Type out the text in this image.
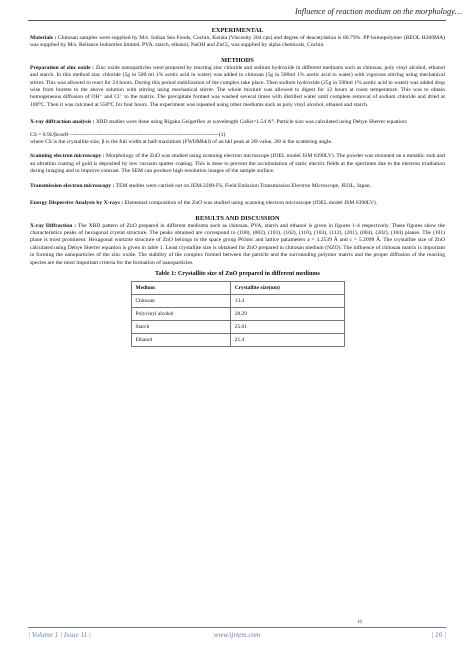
Influence of reaction medium on the morphology…
EXPERIMENTAL

Materials : Chitosan samples were supplied by M/s. Indian Sea Foods, Cochin, Kerala (Viscosity 304 cps) and degree of deacetylation is 80.79%. PP homopolymer (REOL H200MA) was supplied by M/s. Reliance Industries limited. PVA, starch, ethanol, NaOH and ZnCl₂ was supplied by alpha chemicals, Cochin.

METHODS

Preparation of zinc oxide : Zinc oxide nanoparticles were prepared by reacting zinc chloride and sodium hydroxide in different mediums such as chitosan, poly vinyl alcohol, ethanol and starch. In this method zinc chloride (5g in 500 ml 1% acetic acid in water) was added to chitosan (5g in 500ml 1% acetic acid in water) with vigorous stirring using mechanical stirrer. This was allowed to react for 24 hours. During this period stabilization of the complex take place. Then sodium hydroxide (25g in 500ml 1% acetic acid in water) was added drop wise from burette to the above solution with stirring using mechanical stirrer. The whole mixture was allowed to digest for 12 hours at room temperature. This was to obtain homogeneous diffusion of OH⁻ and Cl⁻ to the matrix. The precipitate formed was washed several times with distilled water until complete removal of sodium chloride and dried at 100⁰C. Then it was calcined at 550⁰C for four hours. The experiment was repeated using other mediums such as poly vinyl alcohol, ethanol and starch.

X-ray diffraction analysis : XRD studies were done using Rigaku Geigerflex at wavelength CuKα=1.54 A⁰. Particle size was calculated using Debye Sherrer equation:

CS = 0.9λ/βcosΘ --------------------------------------------------------------------------------(1)

where CS is the crystallite size, β is the full width at half-maximum (FWHMhkl) of an hkl peak at 2Θ value, 2Θ is the scattering angle.

Scanning electron microscopy : Morphology of the ZnO was studied using scanning electron microscope (JOEL model JSM 6390LV). The powder was mounted on a metallic stub and an ultrathin coating of gold is deposited by low vacuum sputter coating. This is done to prevent the accumulation of static electric fields at the specimen due to the electron irradiation during imaging and to improve contrast. The SEM can produce high resolution images of the sample surface.

Transmission electron microscopy : TEM studies were carried out on JEM-2200-FS, Field Emission Transmission Electron Microscope, JEOL, Japan.

Energy Dispersive Analysis by X-rays : Elemental composition of the ZnO was studied using scanning electron microscope (JOEL model JSM 6390LV).

RESULTS AND DISCUSSION

X-ray Diffraction : The XRD pattern of ZnO prepared in different mediums such as chitosan, PVA, starch and ethanol is given in figures 1-4 respectively. These figures show the characteristics peaks of hexagonal crystal structure. The peaks obtained are correspond to (100), (002), (101), (102), (110), (103), (112), (201), (004), (202), (104) planes. The (101) plane is most prominent. Hexagonal wurtzite structure of ZnO belongs to the space group P63mc and lattice parameters a = 3.2539 Å and c = 5.2098 Å. The crystallite size of ZnO calculated using Debye Sherrer equation is given in table 1. Least crystallite size is obtained for ZnO prepared in chitosan medium (NZO). The influence of chitosan matrix is important in forming the nanoparticles of the zinc oxide. The stability of the complex formed between the particle and the surrounding polymer matrix and the proper diffusion of the reacting species are the most important criteria for the formation of nanoparticles.

Table 1: Crystallite size of ZnO prepared in different mediums
Medium	Crystallite size(nm)
Chitosan	13.4
Polyvinyl alcohol	28.29
Starch	25.01
Ethanol	21.4
16
| Volume 1 | Issue 11 |	www.ijrtem.com	| 16 |
